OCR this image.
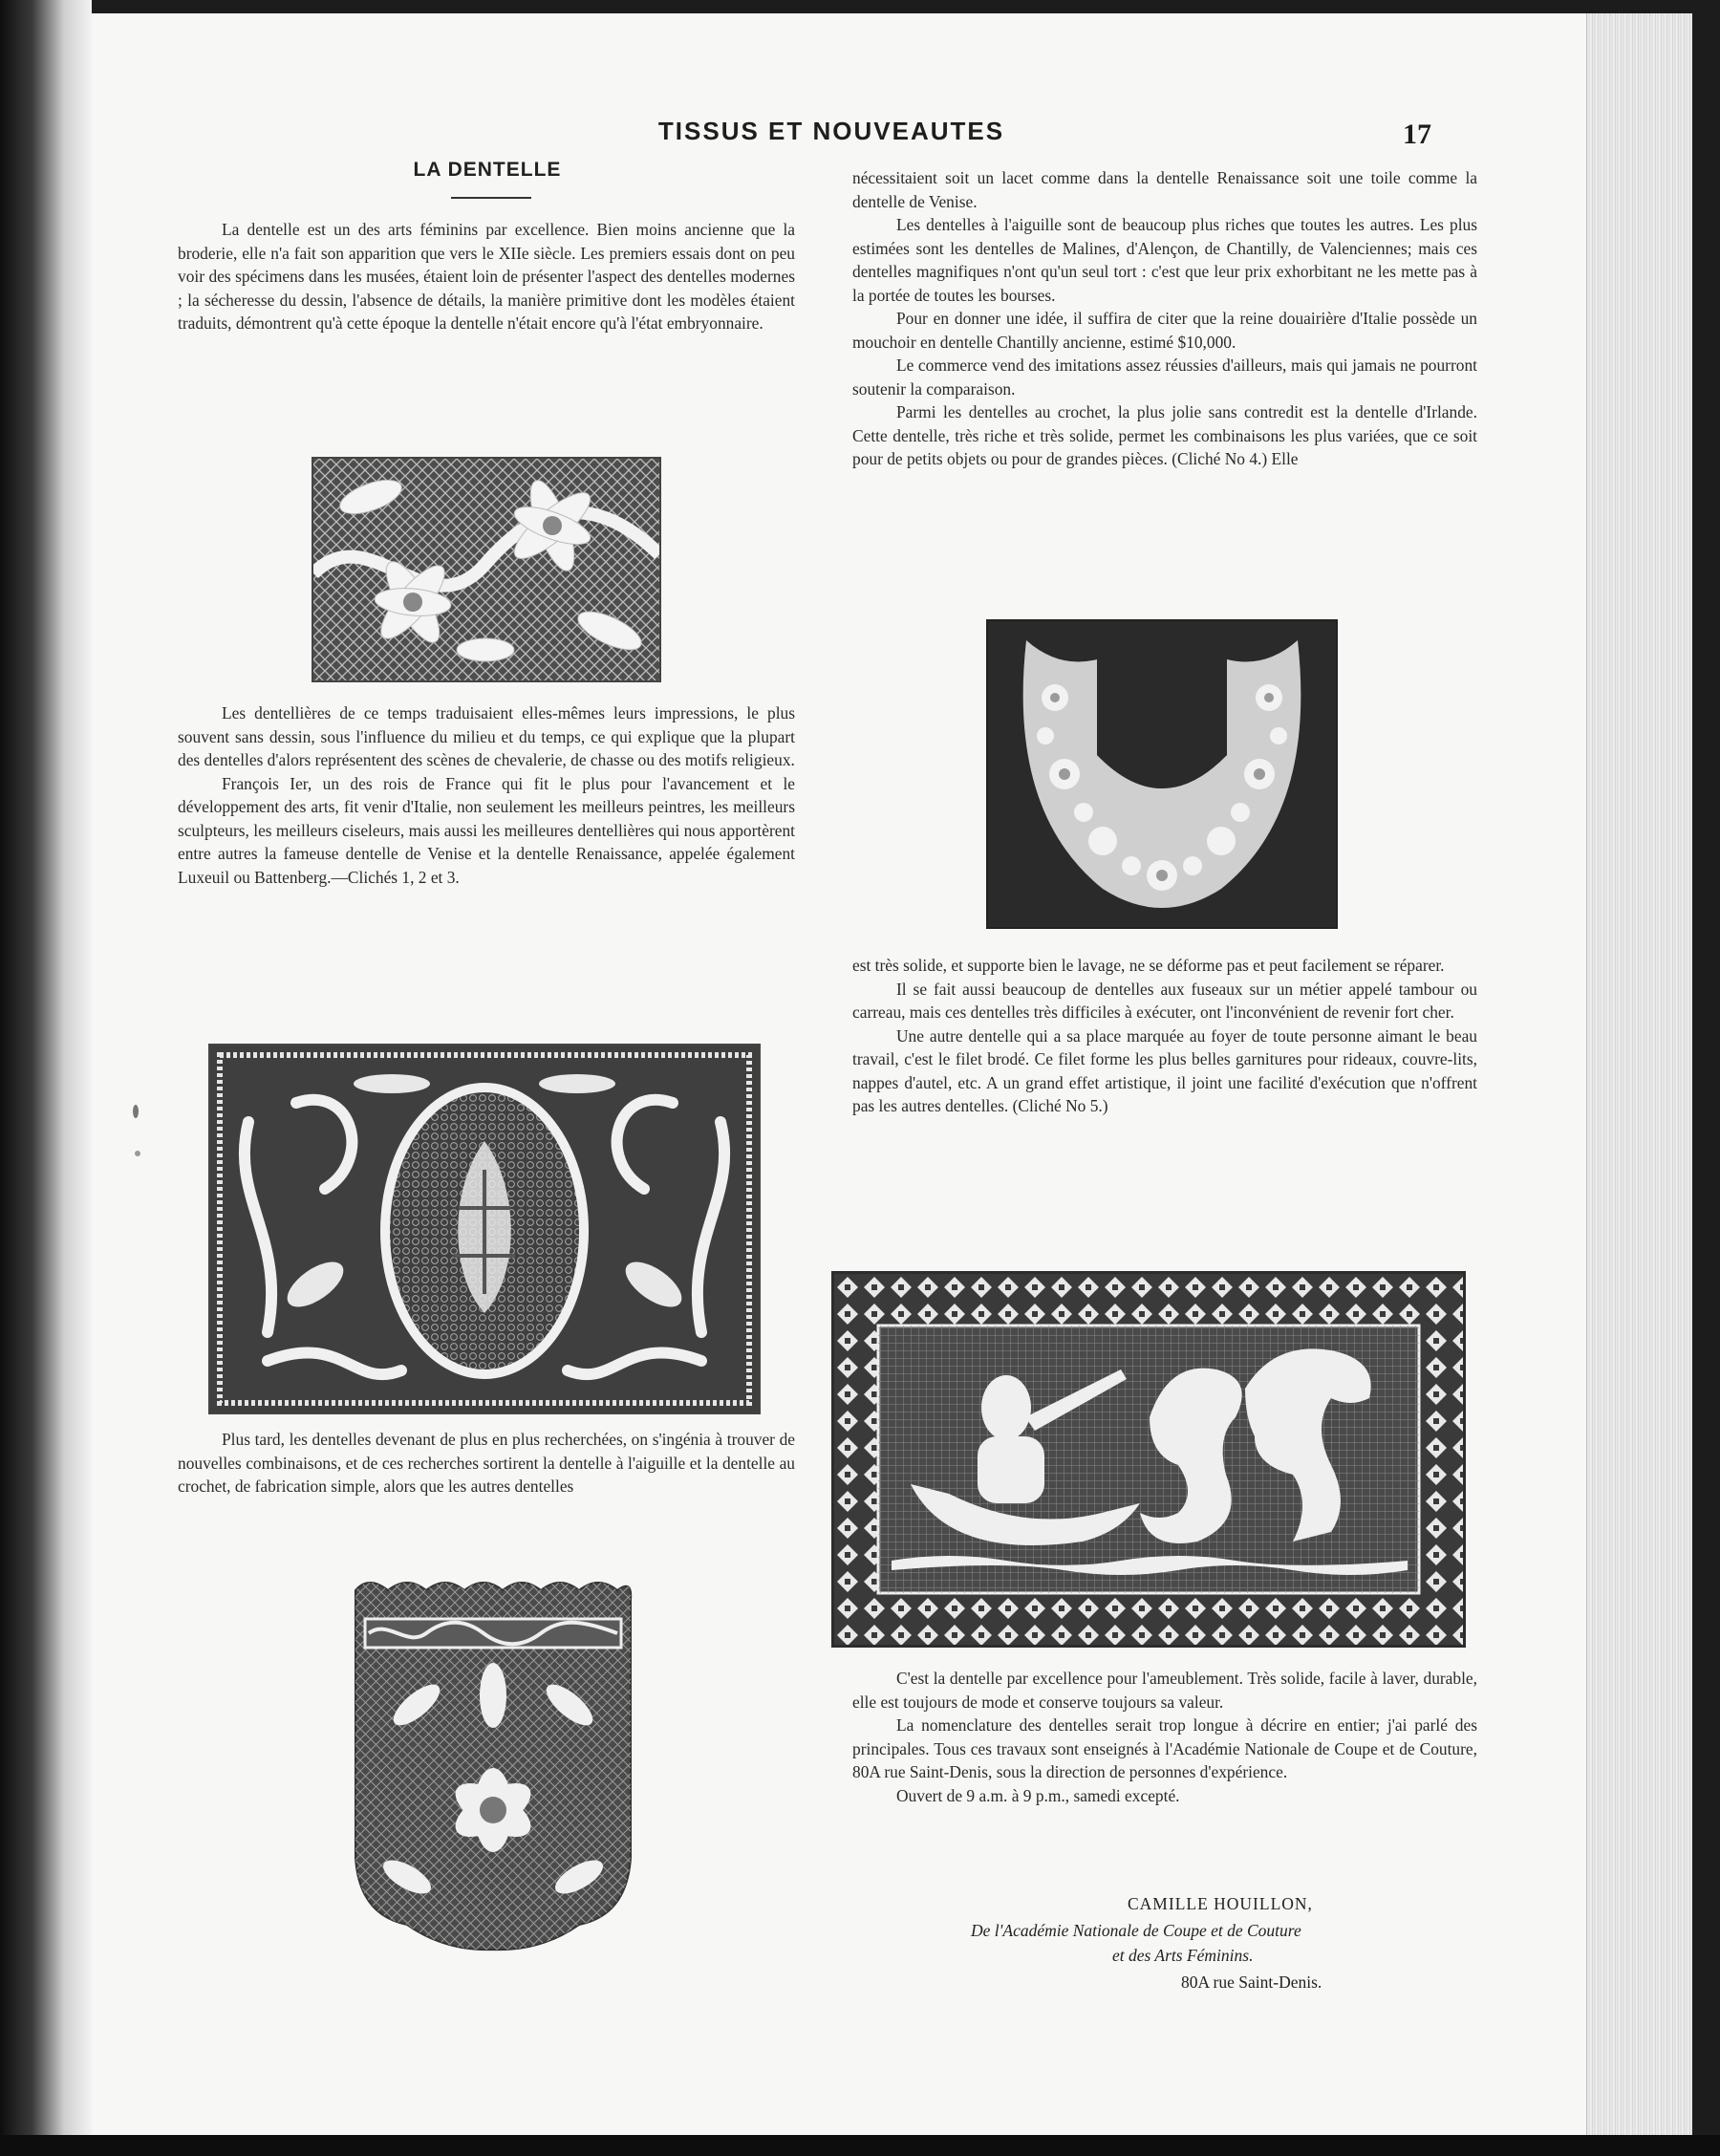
TISSUS ET NOUVEAUTES	17
LA DENTELLE

La dentelle est un des arts féminins par excellence. Bien moins ancienne que la broderie, elle n'a fait son apparition que vers le XIIe siècle. Les premiers essais dont on peu voir des spécimens dans les musées, étaient loin de présenter l'aspect des dentelles modernes ; la sécheresse du dessin, l'absence de détails, la manière primitive dont les modèles étaient traduits, démontrent qu'à cette époque la dentelle n'était encore qu'à l'état embryonnaire.

Les dentellières de ce temps traduisaient elles-mêmes leurs impressions, le plus souvent sans dessin, sous l'influence du milieu et du temps, ce qui explique que la plupart des dentelles d'alors représentent des scènes de chevalerie, de chasse ou des motifs religieux.

François Ier, un des rois de France qui fit le plus pour l'avancement et le développement des arts, fit venir d'Italie, non seulement les meilleurs peintres, les meilleurs sculpteurs, les meilleurs ciseleurs, mais aussi les meilleures dentellières qui nous apportèrent entre autres la fameuse dentelle de Venise et la dentelle Renaissance, appelée également Luxeuil ou Battenberg.—Clichés 1, 2 et 3.

Plus tard, les dentelles devenant de plus en plus recherchées, on s'ingénia à trouver de nouvelles combinaisons, et de ces recherches sortirent la dentelle à l'aiguille et la dentelle au crochet, de fabrication simple, alors que les autres dentelles

nécessitaient soit un lacet comme dans la dentelle Renaissance soit une toile comme la dentelle de Venise.

Les dentelles à l'aiguille sont de beaucoup plus riches que toutes les autres. Les plus estimées sont les dentelles de Malines, d'Alençon, de Chantilly, de Valenciennes; mais ces dentelles magnifiques n'ont qu'un seul tort : c'est que leur prix exhorbitant ne les mette pas à la portée de toutes les bourses.

Pour en donner une idée, il suffira de citer que la reine douairière d'Italie possède un mouchoir en dentelle Chantilly ancienne, estimé $10,000.

Le commerce vend des imitations assez réussies d'ailleurs, mais qui jamais ne pourront soutenir la comparaison.

Parmi les dentelles au crochet, la plus jolie sans contredit est la dentelle d'Irlande. Cette dentelle, très riche et très solide, permet les combinaisons les plus variées, que ce soit pour de petits objets ou pour de grandes pièces. (Cliché No 4.) Elle

est très solide, et supporte bien le lavage, ne se déforme pas et peut facilement se réparer.

Il se fait aussi beaucoup de dentelles aux fuseaux sur un métier appelé tambour ou carreau, mais ces dentelles très difficiles à exécuter, ont l'inconvénient de revenir fort cher.

Une autre dentelle qui a sa place marquée au foyer de toute personne aimant le beau travail, c'est le filet brodé. Ce filet forme les plus belles garnitures pour rideaux, couvre-lits, nappes d'autel, etc. A un grand effet artistique, il joint une facilité d'exécution que n'offrent pas les autres dentelles. (Cliché No 5.)

C'est la dentelle par excellence pour l'ameublement. Très solide, facile à laver, durable, elle est toujours de mode et conserve toujours sa valeur.

La nomenclature des dentelles serait trop longue à décrire en entier; j'ai parlé des principales. Tous ces travaux sont enseignés à l'Académie Nationale de Coupe et de Couture, 80A rue Saint-Denis, sous la direction de personnes d'expérience.

Ouvert de 9 a.m. à 9 p.m., samedi excepté.

CAMILLE HOUILLON,
De l'Académie Nationale de Coupe et de Couture
et des Arts Féminins.
80A rue Saint-Denis.
